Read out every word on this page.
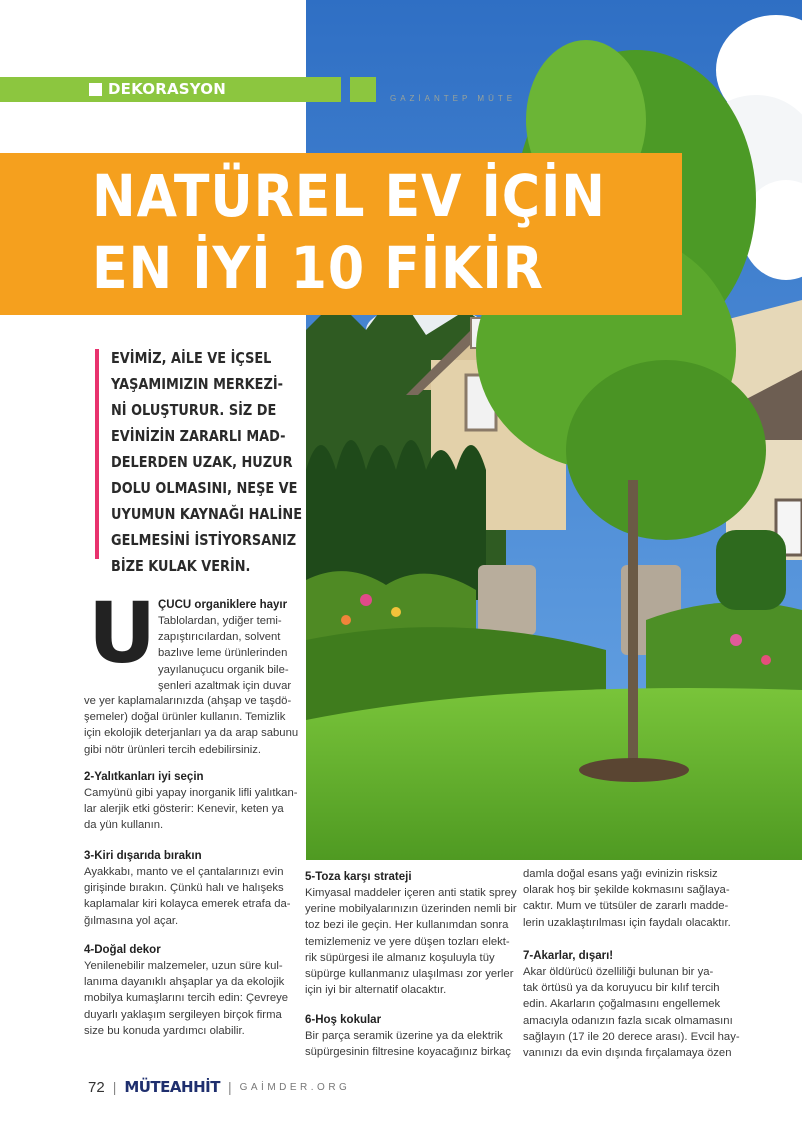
DEKORASYON
GAZİANTEP MÜTE
NATÜREL EV İÇİN
EN İYİ 10 FİKİR
EVİMİZ, AİLE VE İÇSEL
YAŞAMIMIZIN MERKEZİ-
Nİ OLUŞTURUR. SİZ DE
EVİNİZİN ZARARLI MAD-
DELERDEN UZAK, HUZUR
DOLU OLMASINI, NEŞE VE
UYUMUN KAYNAĞI HALİNE
GELMESİNİ İSTİYORSANIZ
BİZE KULAK VERİN.
U ÇUCU organiklere hayır
Tablolardan, ydiğer temi-
zapıştırıcılardan, solvent
bazlıve leme ürünlerinden
yayılanuçucu organik bile-
şenleri azaltmak için duvar
ve yer kaplamalarınızda (ahşap ve taşdö-
şemeler) doğal ürünler kullanın. Temizlik
için ekolojik deterjanları ya da arap sabunu
gibi nötr ürünleri tercih edebilirsiniz.
2-Yalıtkanları iyi seçin
Camyünü gibi yapay inorganik lifli yalıtkan-
lar alerjik etki gösterir: Kenevir, keten ya
da yün kullanın.
3-Kiri dışarıda bırakın
Ayakkabı, manto ve el çantalarınızı evin
girişinde bırakın. Çünkü halı ve halışeks
kaplamalar kiri kolayca emerek etrafa da-
ğılmasına yol açar.
4-Doğal dekor
Yenilenebilir malzemeler, uzun süre kul-
lanıma dayanıklı ahşaplar ya da ekolojik
mobilya kumaşlarını tercih edin: Çevreye
duyarlı yaklaşım sergileyen birçok firma
size bu konuda yardımcı olabilir.
5-Toza karşı strateji
Kimyasal maddeler içeren anti statik sprey
yerine mobilyalarınızın üzerinden nemli bir
toz bezi ile geçin. Her kullanımdan sonra
temizlemeniz ve yere düşen tozları elekt-
rik süpürgesi ile almanız koşuluyla tüy
süpürge kullanmanız ulaşılması zor yerler
için iyi bir alternatif olacaktır.
6-Hoş kokular
Bir parça seramik üzerine ya da elektrik
süpürgesinin filtresine koyacağınız birkaç
damla doğal esans yağı evinizin risksiz
olarak hoş bir şekilde kokmasını sağlaya-
caktır. Mum ve tütsüler de zararlı madde-
lerin uzaklaştırılması için faydalı olacaktır.
7-Akarlar, dışarı!
Akar öldürücü özelliliği bulunan bir ya-
tak örtüsü ya da koruyucu bir kılıf tercih
edin. Akarların çoğalmasını engellemek
amacıyla odanızın fazla sıcak olmamasını
sağlayın (17 ile 20 derece arası). Evcil hay-
vanınızı da evin dışında fırçalamaya özen
72 | MÜTEAHHİT | GAİMDER.ORG
